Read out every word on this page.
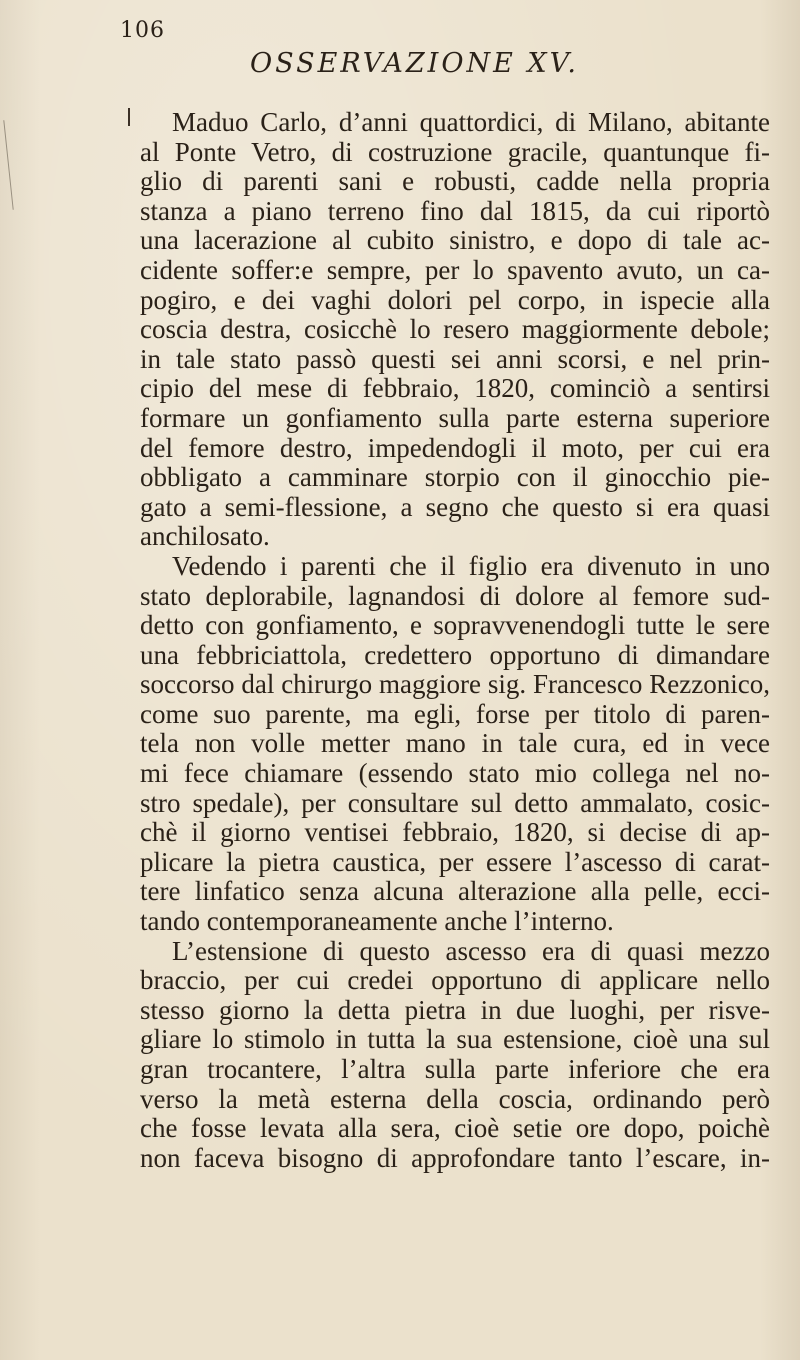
106
OSSERVAZIONE XV.
Maduo Carlo, d’anni quattordici, di Milano, abitante
al Ponte Vetro, di costruzione gracile, quantunque fi-
glio di parenti sani e robusti, cadde nella propria
stanza a piano terreno fino dal 1815, da cui riportò
una lacerazione al cubito sinistro, e dopo di tale ac-
cidente soffer:e sempre, per lo spavento avuto, un ca-
pogiro, e dei vaghi dolori pel corpo, in ispecie alla
coscia destra, cosicchè lo resero maggiormente debole;
in tale stato passò questi sei anni scorsi, e nel prin-
cipio del mese di febbraio, 1820, cominciò a sentirsi
formare un gonfiamento sulla parte esterna superiore
del femore destro, impedendogli il moto, per cui era
obbligato a camminare storpio con il ginocchio pie-
gato a semi-flessione, a segno che questo si era quasi
anchilosato.
Vedendo i parenti che il figlio era divenuto in uno
stato deplorabile, lagnandosi di dolore al femore sud-
detto con gonfiamento, e sopravvenendogli tutte le sere
una febbriciattola, credettero opportuno di dimandare
soccorso dal chirurgo maggiore sig. Francesco Rezzonico,
come suo parente, ma egli, forse per titolo di paren-
tela non volle metter mano in tale cura, ed in vece
mi fece chiamare (essendo stato mio collega nel no-
stro spedale), per consultare sul detto ammalato, cosic-
chè il giorno ventisei febbraio, 1820, si decise di ap-
plicare la pietra caustica, per essere l’ascesso di carat-
tere linfatico senza alcuna alterazione alla pelle, ecci-
tando contemporaneamente anche l’interno.
L’estensione di questo ascesso era di quasi mezzo
braccio, per cui credei opportuno di applicare nello
stesso giorno la detta pietra in due luoghi, per risve-
gliare lo stimolo in tutta la sua estensione, cioè una sul
gran trocantere, l’altra sulla parte inferiore che era
verso la metà esterna della coscia, ordinando però
che fosse levata alla sera, cioè setie ore dopo, poichè
non faceva bisogno di approfondare tanto l’escare, in-
